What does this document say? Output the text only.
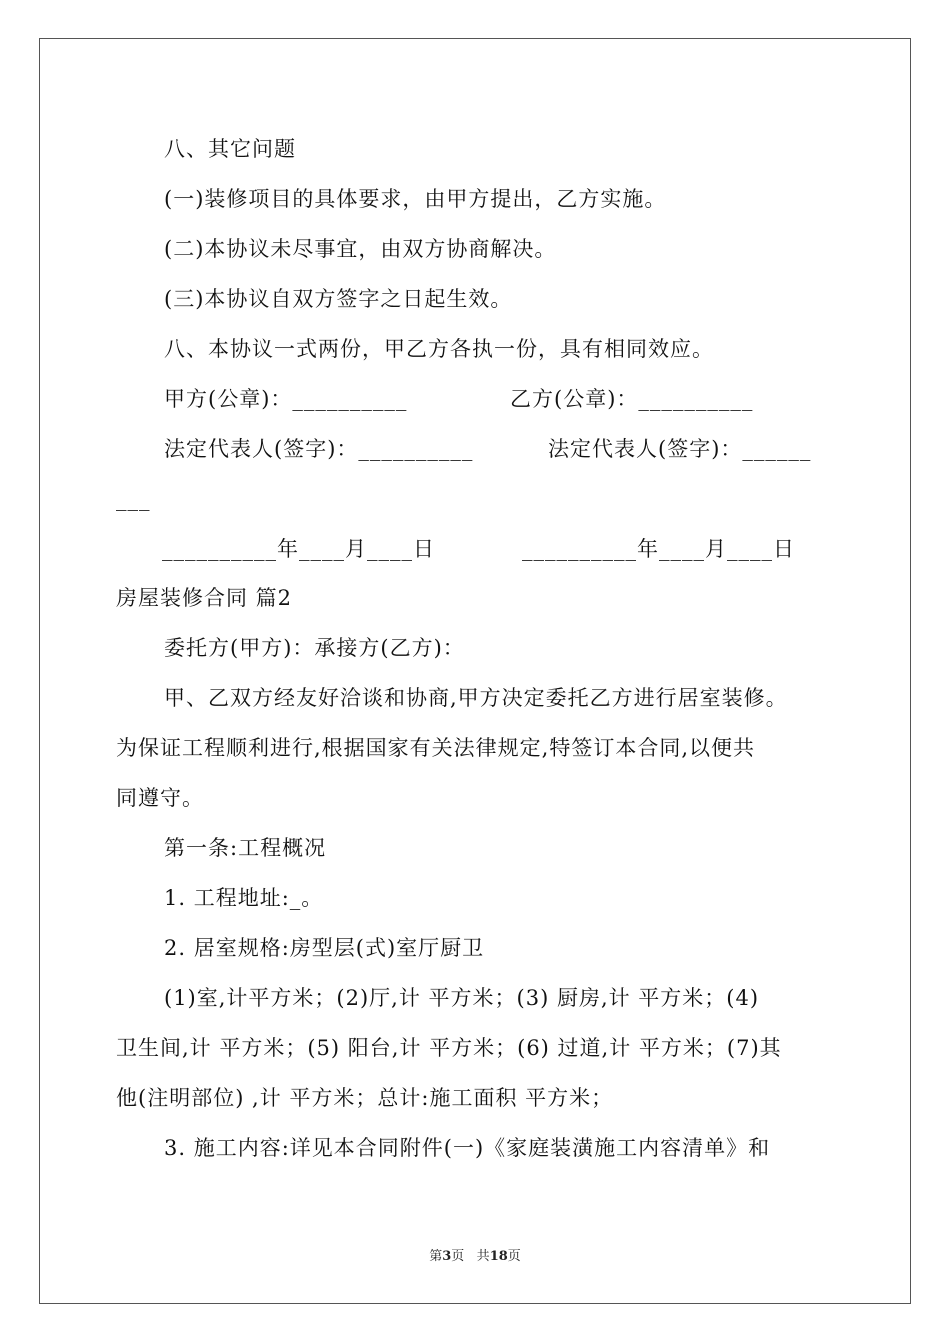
八、其它问题
(一)装修项目的具体要求，由甲方提出，乙方实施。
(二)本协议未尽事宜，由双方协商解决。
(三)本协议自双方签字之日起生效。
八、本协议一式两份，甲乙方各执一份，具有相同效应。
甲方(公章)：__________	乙方(公章)：__________
法定代表人(签字)：__________	法定代表人(签字)：______
___
__________年____月____日	__________年____月____日
房屋装修合同 篇2
委托方(甲方)：承接方(乙方)：
甲、乙双方经友好洽谈和协商,甲方决定委托乙方进行居室装修。
为保证工程顺利进行,根据国家有关法律规定,特签订本合同,以便共
同遵守。
第一条:工程概况
1. 工程地址:_。
2. 居室规格:房型层(式)室厅厨卫
(1)室,计平方米；(2)厅,计 平方米；(3) 厨房,计 平方米；(4)
卫生间,计 平方米；(5) 阳台,计 平方米；(6) 过道,计 平方米；(7)其
他(注明部位) ,计 平方米；总计:施工面积 平方米；
3. 施工内容:详见本合同附件(一)《家庭装潢施工内容清单》和
第3页 共18页
